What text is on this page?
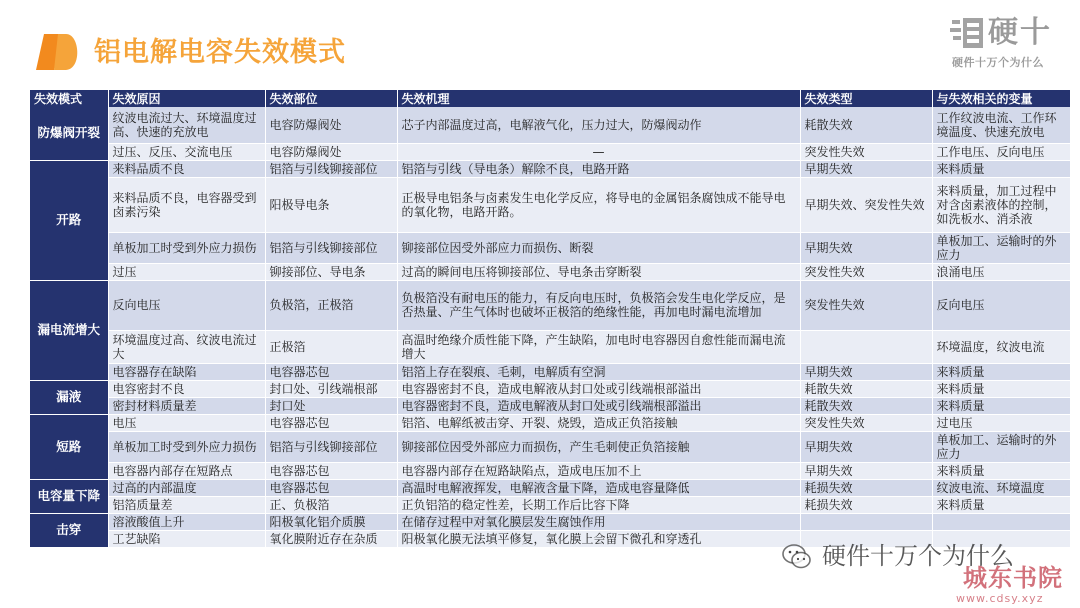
铝电解电容失效模式
硬十
硬件十万个为什么
失效模式	失效原因	失效部位	失效机理	失效类型	与失效相关的变量
防爆阀开裂	纹波电流过大、环境温度过高、快速的充放电	电容防爆阀处	芯子内部温度过高，电解液气化，压力过大，防爆阀动作	耗散失效	工作纹波电流、工作环境温度、快速充放电
	过压、反压、交流电压	电容防爆阀处	—	突发性失效	工作电压、反向电压
开路	来料品质不良	铝箔与引线铆接部位	铝箔与引线（导电条）解除不良，电路开路	早期失效	来料质量
	来料品质不良，电容器受到卤素污染	阳极导电条	正极导电铝条与卤素发生电化学反应，将导电的金属铝条腐蚀成不能导电的氧化物，电路开路。	早期失效、突发性失效	来料质量，加工过程中对含卤素液体的控制，如洗板水、消杀液
	单板加工时受到外应力损伤	铝箔与引线铆接部位	铆接部位因受外部应力而损伤、断裂	早期失效	单板加工、运输时的外应力
	过压	铆接部位、导电条	过高的瞬间电压将铆接部位、导电条击穿断裂	突发性失效	浪涌电压
漏电流增大	反向电压	负极箔，正极箔	负极箔没有耐电压的能力，有反向电压时，负极箔会发生电化学反应，是否热量、产生气体时也破坏正极箔的绝缘性能，再加电时漏电流增加	突发性失效	反向电压
	环境温度过高、纹波电流过大	正极箔	高温时绝缘介质性能下降，产生缺陷，加电时电容器因自愈性能而漏电流增大		环境温度，纹波电流
	电容器存在缺陷	电容器芯包	铝箔上存在裂痕、毛刺，电解质有空洞	早期失效	来料质量
漏液	电容密封不良	封口处、引线端根部	电容器密封不良，造成电解液从封口处或引线端根部溢出	耗散失效	来料质量
	密封材料质量差	封口处	电容器密封不良，造成电解液从封口处或引线端根部溢出	耗散失效	来料质量
短路	电压	电容器芯包	铝箔、电解纸被击穿、开裂、烧毁，造成正负箔接触	突发性失效	过电压
	单板加工时受到外应力损伤	铝箔与引线铆接部位	铆接部位因受外部应力而损伤，产生毛刺使正负箔接触	早期失效	单板加工、运输时的外应力
	电容器内部存在短路点	电容器芯包	电容器内部存在短路缺陷点，造成电压加不上	早期失效	来料质量
电容量下降	过高的内部温度	电容器芯包	高温时电解液挥发，电解液含量下降，造成电容量降低	耗损失效	纹波电流、环境温度
	铝箔质量差	正、负极箔	正负铝箔的稳定性差，长期工作后比容下降	耗损失效	来料质量
击穿	溶液酸值上升	阳极氧化铝介质膜	在储存过程中对氧化膜层发生腐蚀作用		
	工艺缺陷	氧化膜附近存在杂质	阳极氧化膜无法填平修复，氧化膜上会留下微孔和穿透孔		
硬件十万个为什么
城东书院
www.cdsy.xyz
